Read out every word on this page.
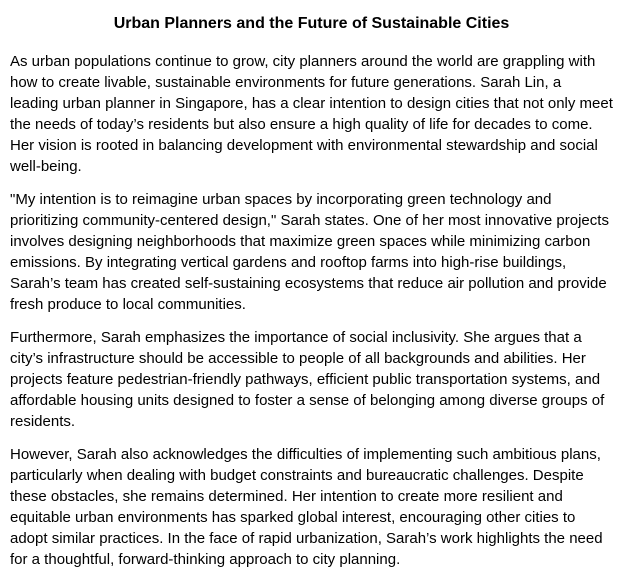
Urban Planners and the Future of Sustainable Cities

As urban populations continue to grow, city planners around the world are grappling with how to create livable, sustainable environments for future generations. Sarah Lin, a leading urban planner in Singapore, has a clear intention to design cities that not only meet the needs of today’s residents but also ensure a high quality of life for decades to come. Her vision is rooted in balancing development with environmental stewardship and social well-being.

"My intention is to reimagine urban spaces by incorporating green technology and prioritizing community-centered design," Sarah states. One of her most innovative projects involves designing neighborhoods that maximize green spaces while minimizing carbon emissions. By integrating vertical gardens and rooftop farms into high-rise buildings, Sarah’s team has created self-sustaining ecosystems that reduce air pollution and provide fresh produce to local communities.

Furthermore, Sarah emphasizes the importance of social inclusivity. She argues that a city’s infrastructure should be accessible to people of all backgrounds and abilities. Her projects feature pedestrian-friendly pathways, efficient public transportation systems, and affordable housing units designed to foster a sense of belonging among diverse groups of residents.

However, Sarah also acknowledges the difficulties of implementing such ambitious plans, particularly when dealing with budget constraints and bureaucratic challenges. Despite these obstacles, she remains determined. Her intention to create more resilient and equitable urban environments has sparked global interest, encouraging other cities to adopt similar practices. In the face of rapid urbanization, Sarah’s work highlights the need for a thoughtful, forward-thinking approach to city planning.
